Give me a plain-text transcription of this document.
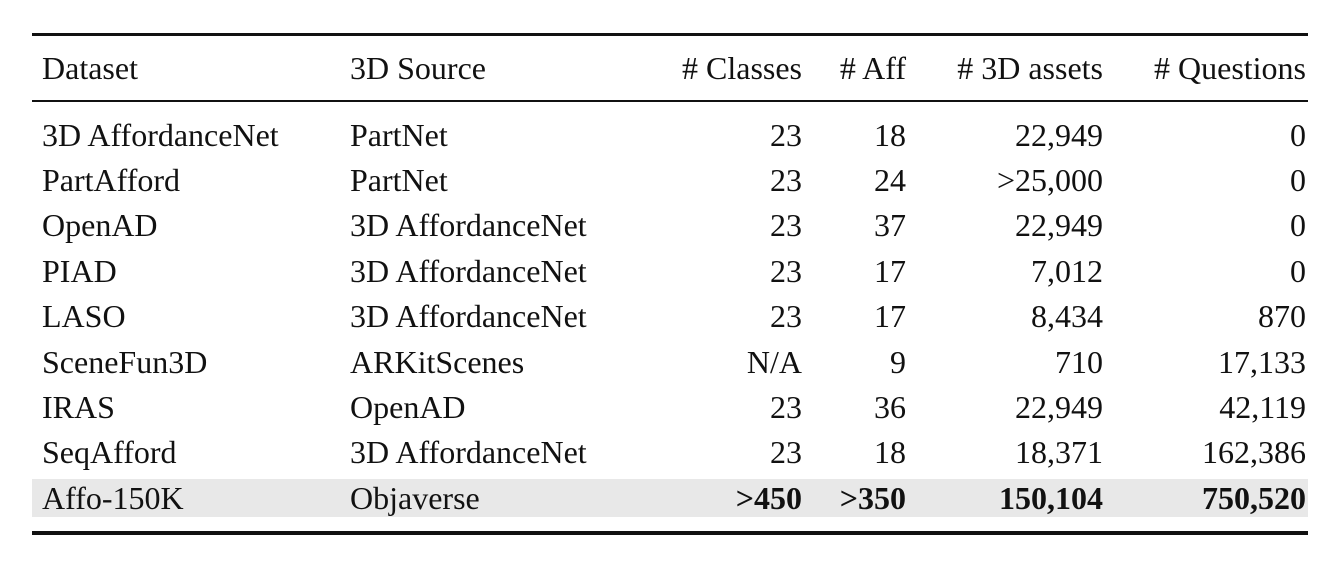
Dataset	3D Source	# Classes	# Aff	# 3D assets	# Questions
3D AffordanceNet	PartNet	23	18	22,949	0
PartAfford	PartNet	23	24	>25,000	0
OpenAD	3D AffordanceNet	23	37	22,949	0
PIAD	3D AffordanceNet	23	17	7,012	0
LASO	3D AffordanceNet	23	17	8,434	870
SceneFun3D	ARKitScenes	N/A	9	710	17,133
IRAS	OpenAD	23	36	22,949	42,119
SeqAfford	3D AffordanceNet	23	18	18,371	162,386
Affo-150K	Objaverse	>450	>350	150,104	750,520
